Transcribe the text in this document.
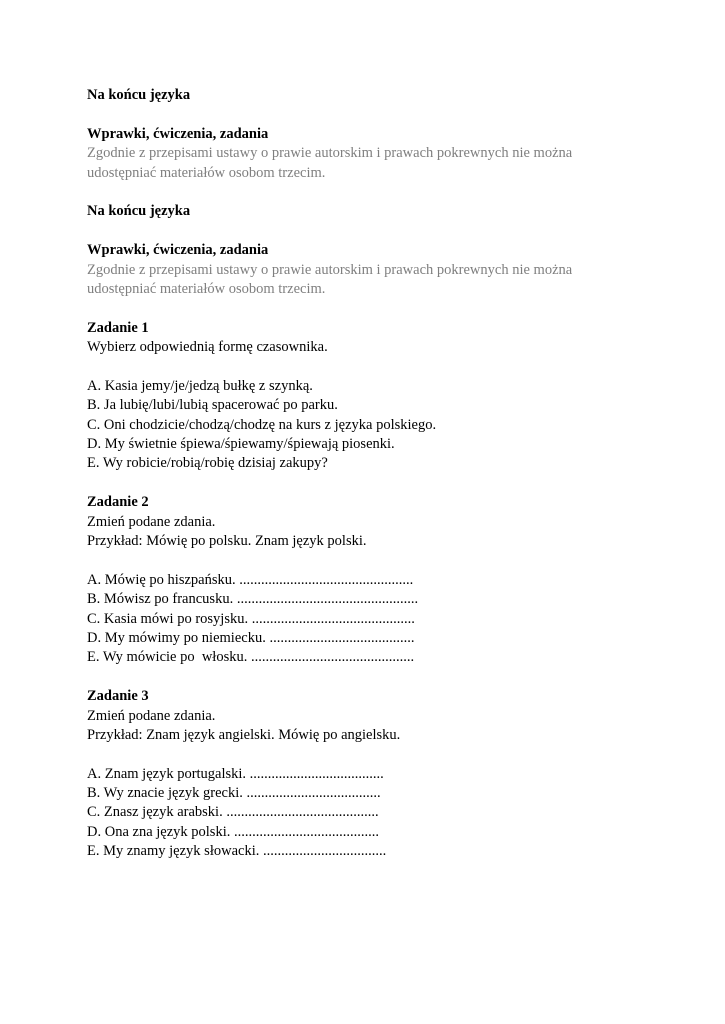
Na końcu języka
Wprawki, ćwiczenia, zadania
Zgodnie z przepisami ustawy o prawie autorskim i prawach pokrewnych nie można
udostępniać materiałów osobom trzecim.
Na końcu języka
Wprawki, ćwiczenia, zadania
Zgodnie z przepisami ustawy o prawie autorskim i prawach pokrewnych nie można
udostępniać materiałów osobom trzecim.
Zadanie 1
Wybierz odpowiednią formę czasownika.
A. Kasia jemy/je/jedzą bułkę z szynką.
B. Ja lubię/lubi/lubią spacerować po parku.
C. Oni chodzicie/chodzą/chodzę na kurs z języka polskiego.
D. My świetnie śpiewa/śpiewamy/śpiewają piosenki.
E. Wy robicie/robią/robię dzisiaj zakupy?
Zadanie 2
Zmień podane zdania.
Przykład: Mówię po polsku. Znam język polski.
A. Mówię po hiszpańsku. ................................................
B. Mówisz po francusku. ..................................................
C. Kasia mówi po rosyjsku. .............................................
D. My mówimy po niemiecku. ........................................
E. Wy mówicie po  włosku. .............................................
Zadanie 3
Zmień podane zdania.
Przykład: Znam język angielski. Mówię po angielsku.
A. Znam język portugalski. .....................................
B. Wy znacie język grecki. .....................................
C. Znasz język arabski. ..........................................
D. Ona zna język polski. ........................................
E. My znamy język słowacki. ..................................
